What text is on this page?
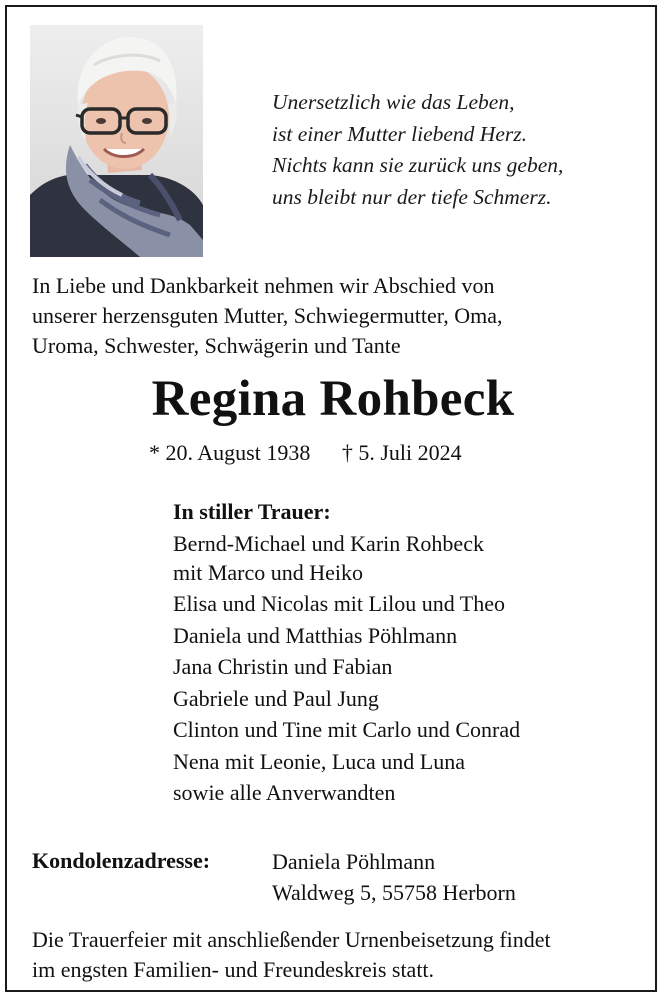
Unersetzlich wie das Leben,
ist einer Mutter liebend Herz.
Nichts kann sie zurück uns geben,
uns bleibt nur der tiefe Schmerz.
In Liebe und Dankbarkeit nehmen wir Abschied von
unserer herzensguten Mutter, Schwiegermutter, Oma,
Uroma, Schwester, Schwägerin und Tante
Regina Rohbeck
* 20. August 1938 † 5. Juli 2024
In stiller Trauer:
Bernd-Michael und Karin Rohbeck
mit Marco und Heiko
Elisa und Nicolas mit Lilou und Theo
Daniela und Matthias Pöhlmann
Jana Christin und Fabian
Gabriele und Paul Jung
Clinton und Tine mit Carlo und Conrad
Nena mit Leonie, Luca und Luna
sowie alle Anverwandten
Kondolenzadresse:	Daniela Pöhlmann
Waldweg 5, 55758 Herborn
Die Trauerfeier mit anschließender Urnenbeisetzung findet
im engsten Familien- und Freundeskreis statt.
